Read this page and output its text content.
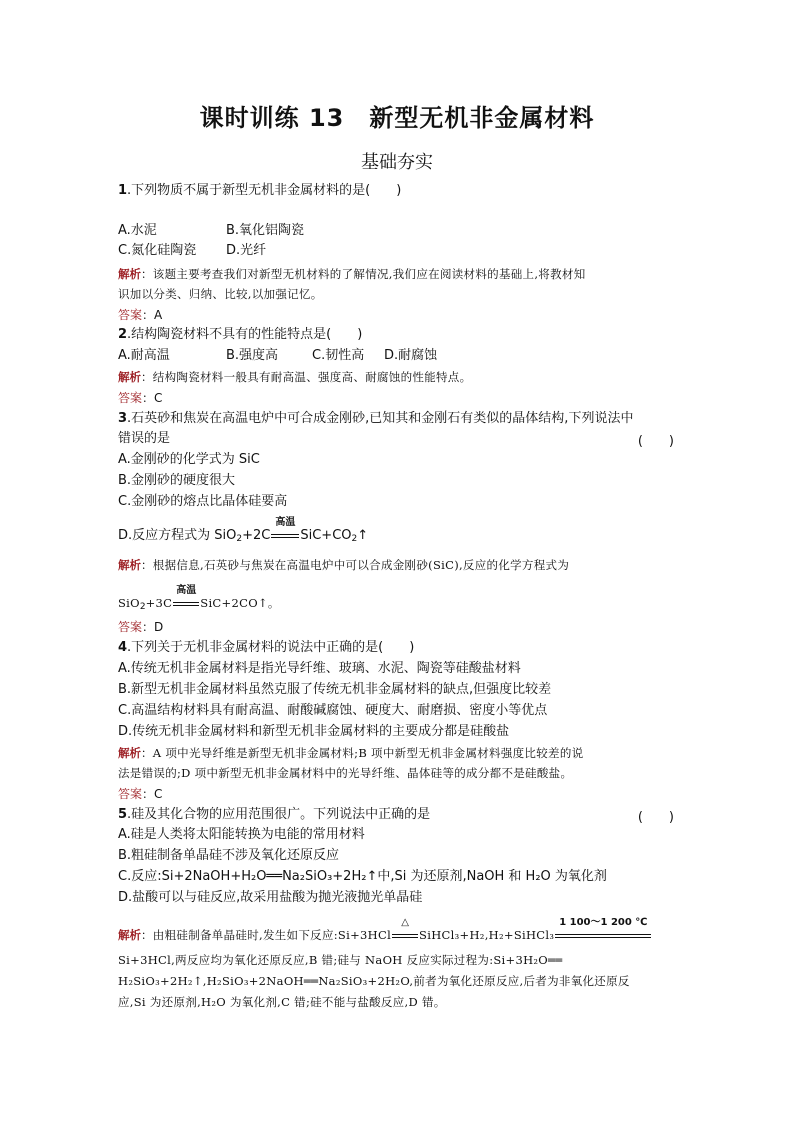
课时训练 13　新型无机非金属材料
基础夯实
1.下列物质不属于新型无机非金属材料的是(　　)
A.水泥	B.氧化铝陶瓷
C.氮化硅陶瓷 D.光纤
解析：该题主要考查我们对新型无机材料的了解情况,我们应在阅读材料的基础上,将教材知
识加以分类、归纳、比较,以加强记忆。
答案：A
2.结构陶瓷材料不具有的性能特点是(　　)
A.耐高温	B.强度高	C.韧性高 D.耐腐蚀
解析：结构陶瓷材料一般具有耐高温、强度高、耐腐蚀的性能特点。
答案：C
3.石英砂和焦炭在高温电炉中可合成金刚砂,已知其和金刚石有类似的晶体结构,下列说法中
错误的是	(　　)
A.金刚砂的化学式为 SiC
B.金刚砂的硬度很大
C.金刚砂的熔点比晶体硅要高
D.反应方程式为 SiO$_2$+2C
高温
$SiC+CO_2↑$
解析：根据信息,石英砂与焦炭在高温电炉中可以合成金刚砂(SiC),反应的化学方程式为
SiO$_2$+3C
高温
SiC+2CO↑。
答案：D
4.下列关于无机非金属材料的说法中正确的是(　　)
A.传统无机非金属材料是指光导纤维、玻璃、水泥、陶瓷等硅酸盐材料
B.新型无机非金属材料虽然克服了传统无机非金属材料的缺点,但强度比较差
C.高温结构材料具有耐高温、耐酸碱腐蚀、硬度大、耐磨损、密度小等优点
D.传统无机非金属材料和新型无机非金属材料的主要成分都是硅酸盐
解析：A 项中光导纤维是新型无机非金属材料;B 项中新型无机非金属材料强度比较差的说
法是错误的;D 项中新型无机非金属材料中的光导纤维、晶体硅等的成分都不是硅酸盐。
答案：C
5.硅及其化合物的应用范围很广。下列说法中正确的是	(　　)
A.硅是人类将太阳能转换为电能的常用材料
B.粗硅制备单晶硅不涉及氧化还原反应
C.反应:Si+2NaOH+H₂O══Na₂SiO₃+2H₂↑中,Si 为还原剂,NaOH 和 H₂O 为氧化剂
D.盐酸可以与硅反应,故采用盐酸为抛光液抛光单晶硅
解析：由粗硅制备单晶硅时,发生如下反应:Si+3HCl
△
SiHCl₃+H₂,H₂+SiHCl₃
1 100～1 200 ℃
Si+3HCl,两反应均为氧化还原反应,B 错;硅与 NaOH 反应实际过程为:Si+3H₂O══
H₂SiO₃+2H₂↑,H₂SiO₃+2NaOH══Na₂SiO₃+2H₂O,前者为氧化还原反应,后者为非氧化还原反
应,Si 为还原剂,H₂O 为氧化剂,C 错;硅不能与盐酸反应,D 错。
